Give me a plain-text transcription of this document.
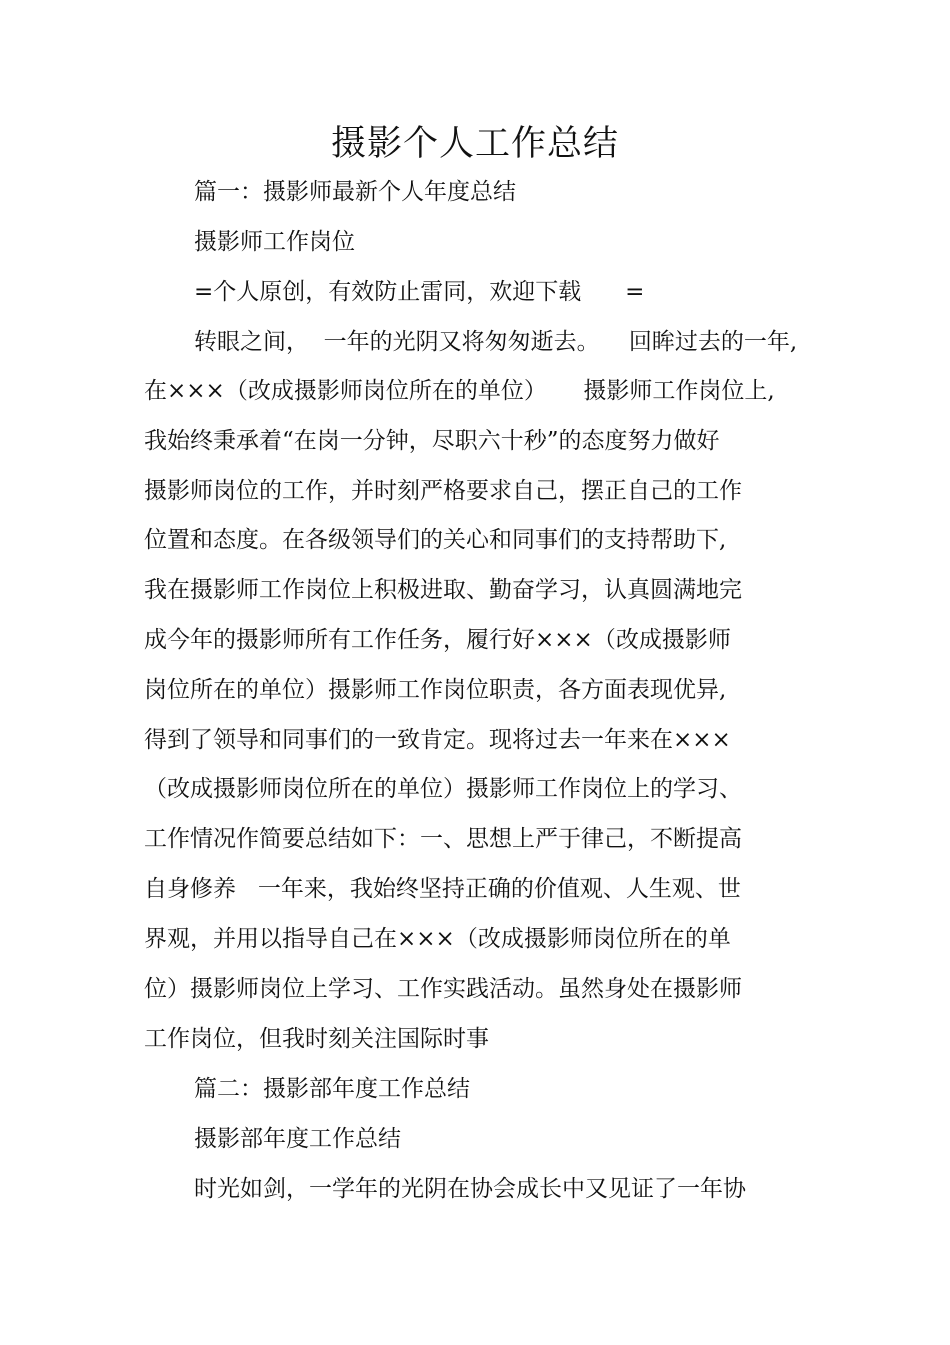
摄影个人工作总结
篇一：摄影师最新个人年度总结
摄影师工作岗位
=个人原创，有效防止雷同，欢迎下载      =
转眼之间，  一年的光阴又将匆匆逝去。    回眸过去的一年,
在×××（改成摄影师岗位所在的单位）     摄影师工作岗位上,
我始终秉承着“在岗一分钟，尽职六十秒”的态度努力做好
摄影师岗位的工作，并时刻严格要求自己，摆正自己的工作
位置和态度。在各级领导们的关心和同事们的支持帮助下,
我在摄影师工作岗位上积极进取、勤奋学习，认真圆满地完
成今年的摄影师所有工作任务，履行好×××（改成摄影师
岗位所在的单位）摄影师工作岗位职责，各方面表现优异,
得到了领导和同事们的一致肯定。现将过去一年来在×××
（改成摄影师岗位所在的单位）摄影师工作岗位上的学习、
工作情况作简要总结如下：一、思想上严于律己，不断提高
自身修养   一年来，我始终坚持正确的价值观、人生观、世
界观，并用以指导自己在×××（改成摄影师岗位所在的单
位）摄影师岗位上学习、工作实践活动。虽然身处在摄影师
工作岗位，但我时刻关注国际时事
篇二：摄影部年度工作总结
摄影部年度工作总结
时光如剑，一学年的光阴在协会成长中又见证了一年协
